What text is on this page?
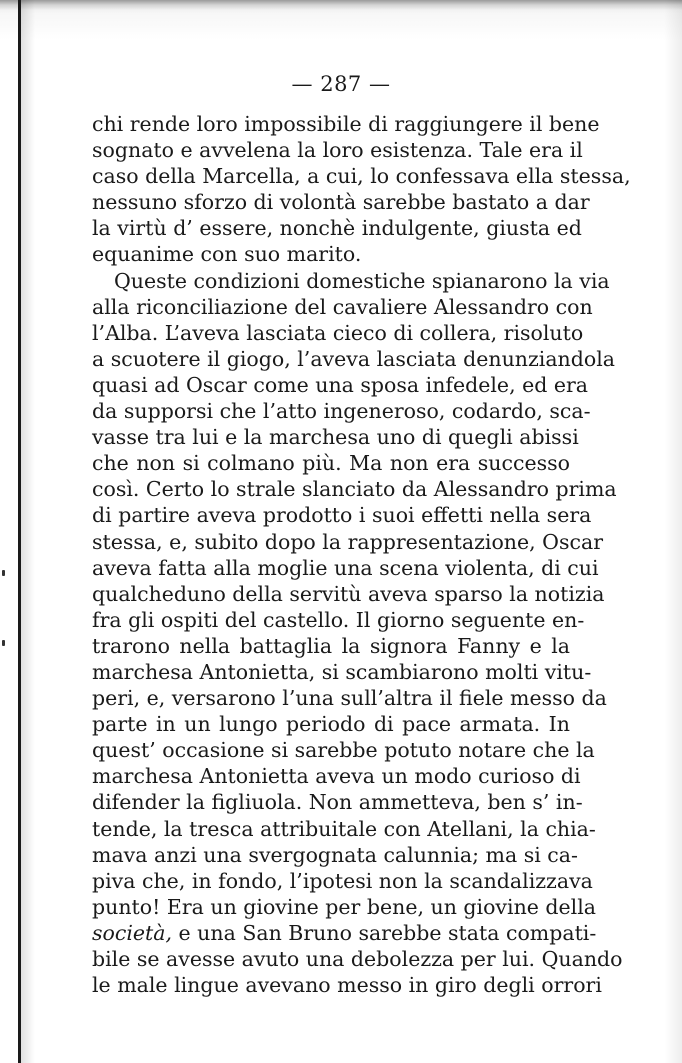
— 287 —
chi rende loro impossibile di raggiungere il bene
sognato e avvelena la loro esistenza. Tale era il
caso della Marcella, a cui, lo confessava ella stessa,
nessuno sforzo di volontà sarebbe bastato a dar
la virtù d’ essere, nonchè indulgente, giusta ed
equanime con suo marito.
Queste condizioni domestiche spianarono la via
alla riconciliazione del cavaliere Alessandro con
l’Alba. L’aveva lasciata cieco di collera, risoluto
a scuotere il giogo, l’aveva lasciata denunziandola
quasi ad Oscar come una sposa infedele, ed era
da supporsi che l’atto ingeneroso, codardo, sca-
vasse tra lui e la marchesa uno di quegli abissi
che non si colmano più. Ma non era successo
così. Certo lo strale slanciato da Alessandro prima
di partire aveva prodotto i suoi effetti nella sera
stessa, e, subito dopo la rappresentazione, Oscar
aveva fatta alla moglie una scena violenta, di cui
qualcheduno della servitù aveva sparso la notizia
fra gli ospiti del castello. Il giorno seguente en-
trarono nella battaglia la signora Fanny e la
marchesa Antonietta, si scambiarono molti vitu-
peri, e, versarono l’una sull’altra il fiele messo da
parte in un lungo periodo di pace armata. In
quest’ occasione si sarebbe potuto notare che la
marchesa Antonietta aveva un modo curioso di
difender la figliuola. Non ammetteva, ben s’ in-
tende, la tresca attribuitale con Atellani, la chia-
mava anzi una svergognata calunnia; ma si ca-
piva che, in fondo, l’ipotesi non la scandalizzava
punto! Era un giovine per bene, un giovine della
società, e una San Bruno sarebbe stata compati-
bile se avesse avuto una debolezza per lui. Quando
le male lingue avevano messo in giro degli orrori
